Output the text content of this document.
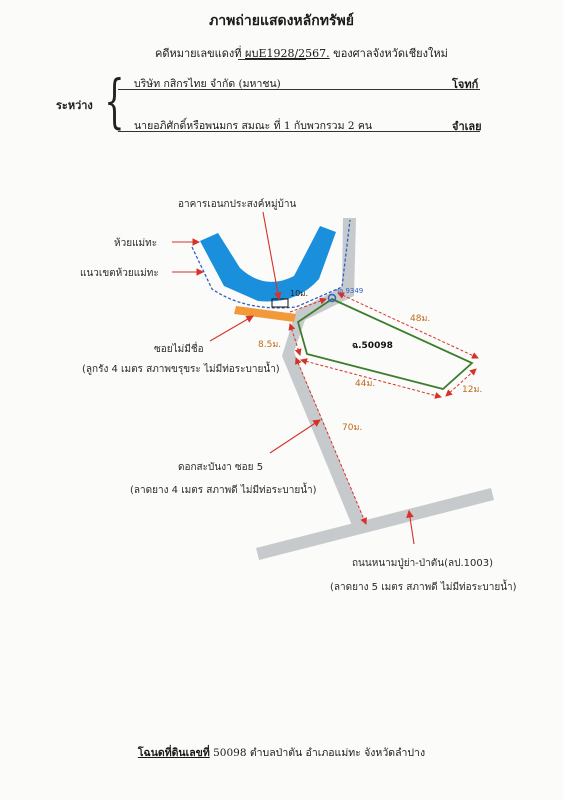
ภาพถ่ายแสดงหลักทรัพย์
คดีหมายเลขแดงที่ ผบE1928/2567. ของศาลจังหวัดเชียงใหม่
ระหว่าง { บริษัท กสิกรไทย จำกัด (มหาชน)	โจทก์
นายอภิศักดิ์หรือพนมกร สมณะ ที่ 1 กับพวกรวม 2 คน	จำเลย
ฉ.50098
ฯล 9349
10ม.
8.5ม.
48ม.
44ม.
12ม.
70ม.
อาคารเอนกประสงค์หมู่บ้าน
ห้วยแม่ทะ
แนวเขตห้วยแม่ทะ
ซอยไม่มีชื่อ
(ลูกรัง 4 เมตร สภาพขรุขระ ไม่มีท่อระบายน้ำ)
ดอกสะบันงา ซอย 5
(ลาดยาง 4 เมตร สภาพดี ไม่มีท่อระบายน้ำ)
ถนนหนามปู่ย่า-ป่าตัน(ลป.1003)
(ลาดยาง 5 เมตร สภาพดี ไม่มีท่อระบายน้ำ)
โฉนดที่ดินเลขที่ 50098 ตำบลป่าตัน อำเภอแม่ทะ จังหวัดลำปาง
